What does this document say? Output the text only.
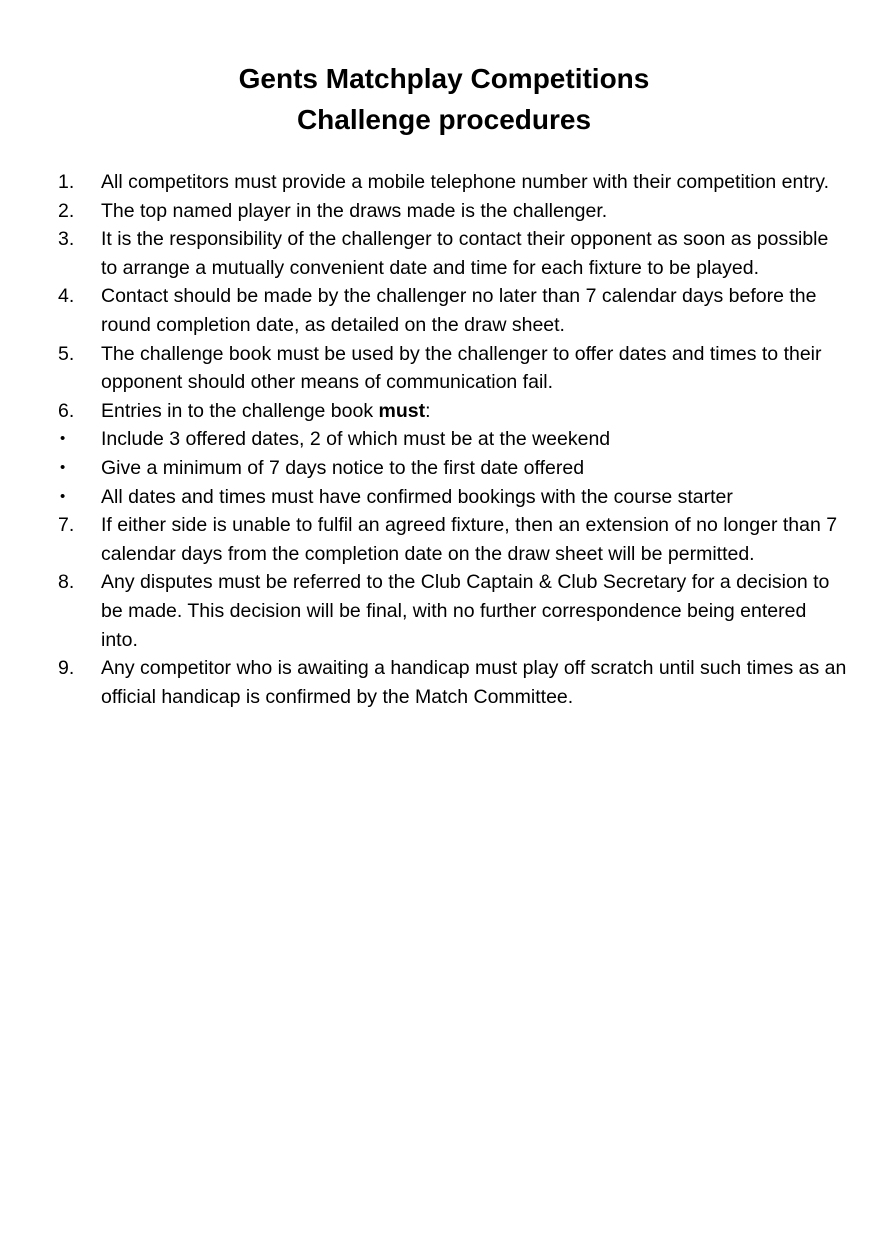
Gents Matchplay Competitions
Challenge procedures
1. All competitors must provide a mobile telephone number with their competition entry.
2. The top named player in the draws made is the challenger.
3. It is the responsibility of the challenger to contact their opponent as soon as possible to arrange a mutually convenient date and time for each fixture to be played.
4. Contact should be made by the challenger no later than 7 calendar days before the round completion date, as detailed on the draw sheet.
5. The challenge book must be used by the challenger to offer dates and times to their opponent should other means of communication fail.
6. Entries in to the challenge book must:
• Include 3 offered dates, 2 of which must be at the weekend
• Give a minimum of 7 days notice to the first date offered
• All dates and times must have confirmed bookings with the course starter
7. If either side is unable to fulfil an agreed fixture, then an extension of no longer than 7 calendar days from the completion date on the draw sheet will be permitted.
8. Any disputes must be referred to the Club Captain & Club Secretary for a decision to be made. This decision will be final, with no further correspondence being entered into.
9. Any competitor who is awaiting a handicap must play off scratch until such times as an official handicap is confirmed by the Match Committee.
